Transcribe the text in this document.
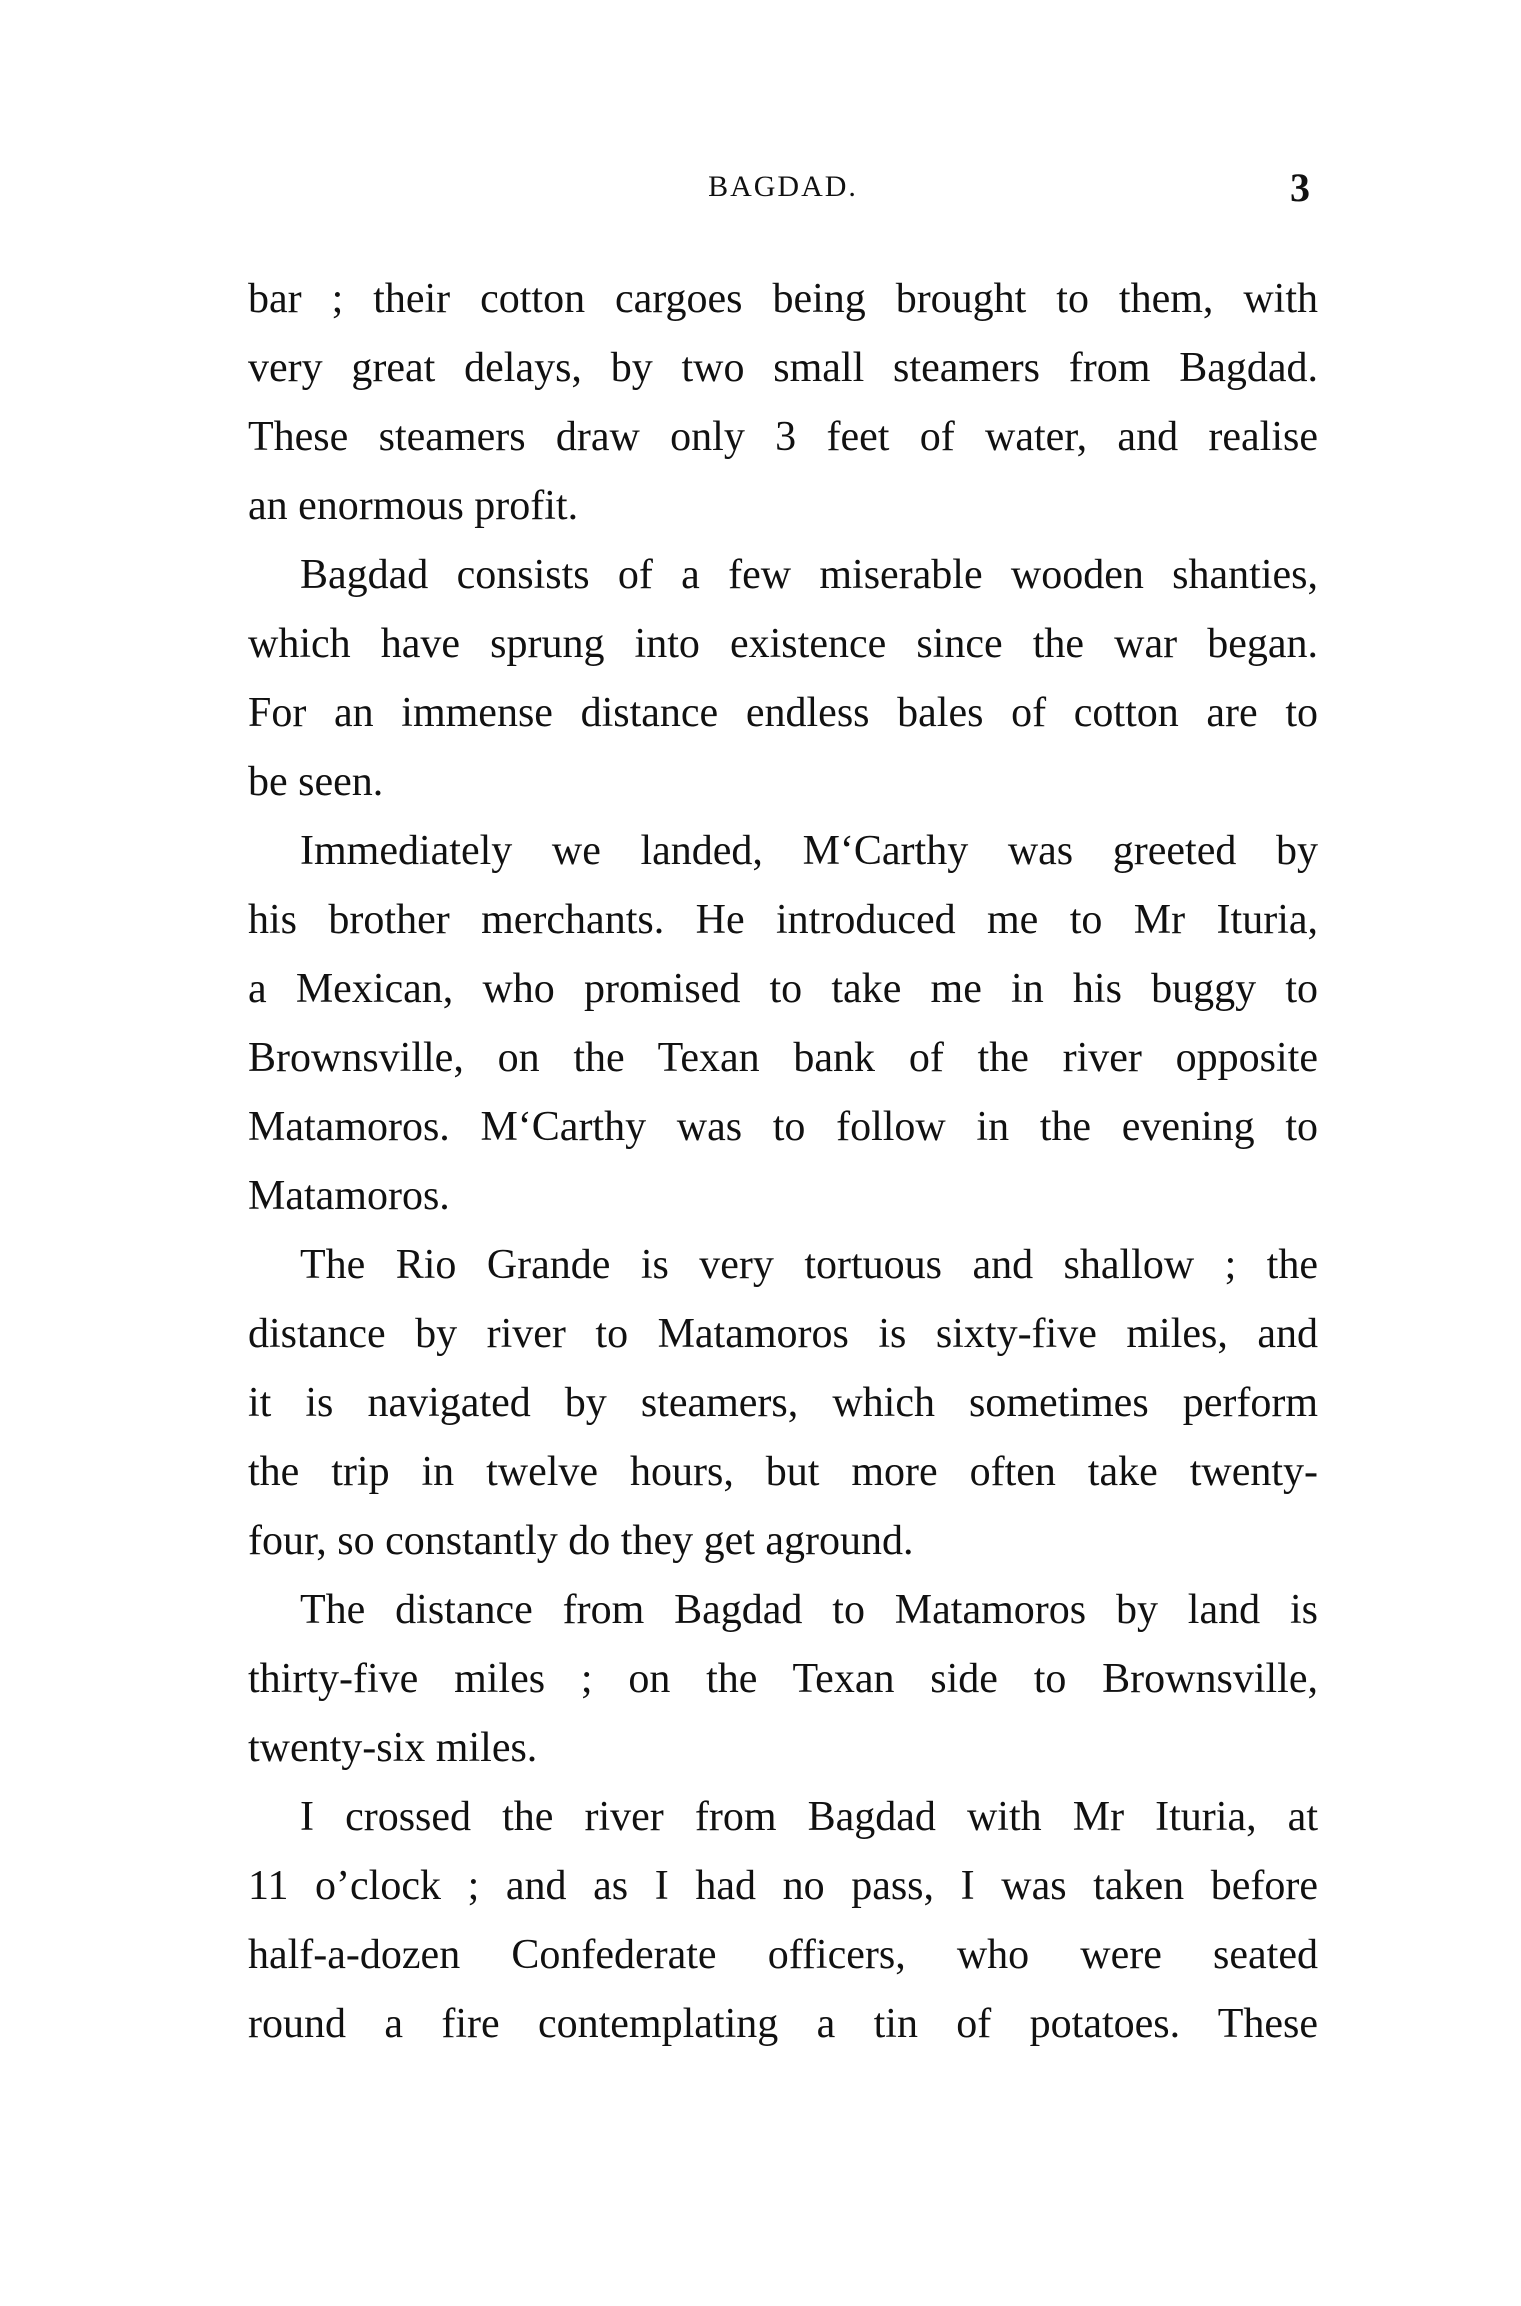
BAGDAD.	3
bar ; their cotton cargoes being brought to them, with
very great delays, by two small steamers from Bagdad.
These steamers draw only 3 feet of water, and realise
an enormous profit.
Bagdad consists of a few miserable wooden shanties,
which have sprung into existence since the war began.
For an immense distance endless bales of cotton are to
be seen.
Immediately we landed, M‘Carthy was greeted by
his brother merchants. He introduced me to Mr Ituria,
a Mexican, who promised to take me in his buggy to
Brownsville, on the Texan bank of the river opposite
Matamoros. M‘Carthy was to follow in the evening to
Matamoros.
The Rio Grande is very tortuous and shallow ; the
distance by river to Matamoros is sixty-five miles, and
it is navigated by steamers, which sometimes perform
the trip in twelve hours, but more often take twenty-
four, so constantly do they get aground.
The distance from Bagdad to Matamoros by land is
thirty-five miles ; on the Texan side to Brownsville,
twenty-six miles.
I crossed the river from Bagdad with Mr Ituria, at
11 o’clock ; and as I had no pass, I was taken before
half-a-dozen Confederate officers, who were seated
round a fire contemplating a tin of potatoes. These
